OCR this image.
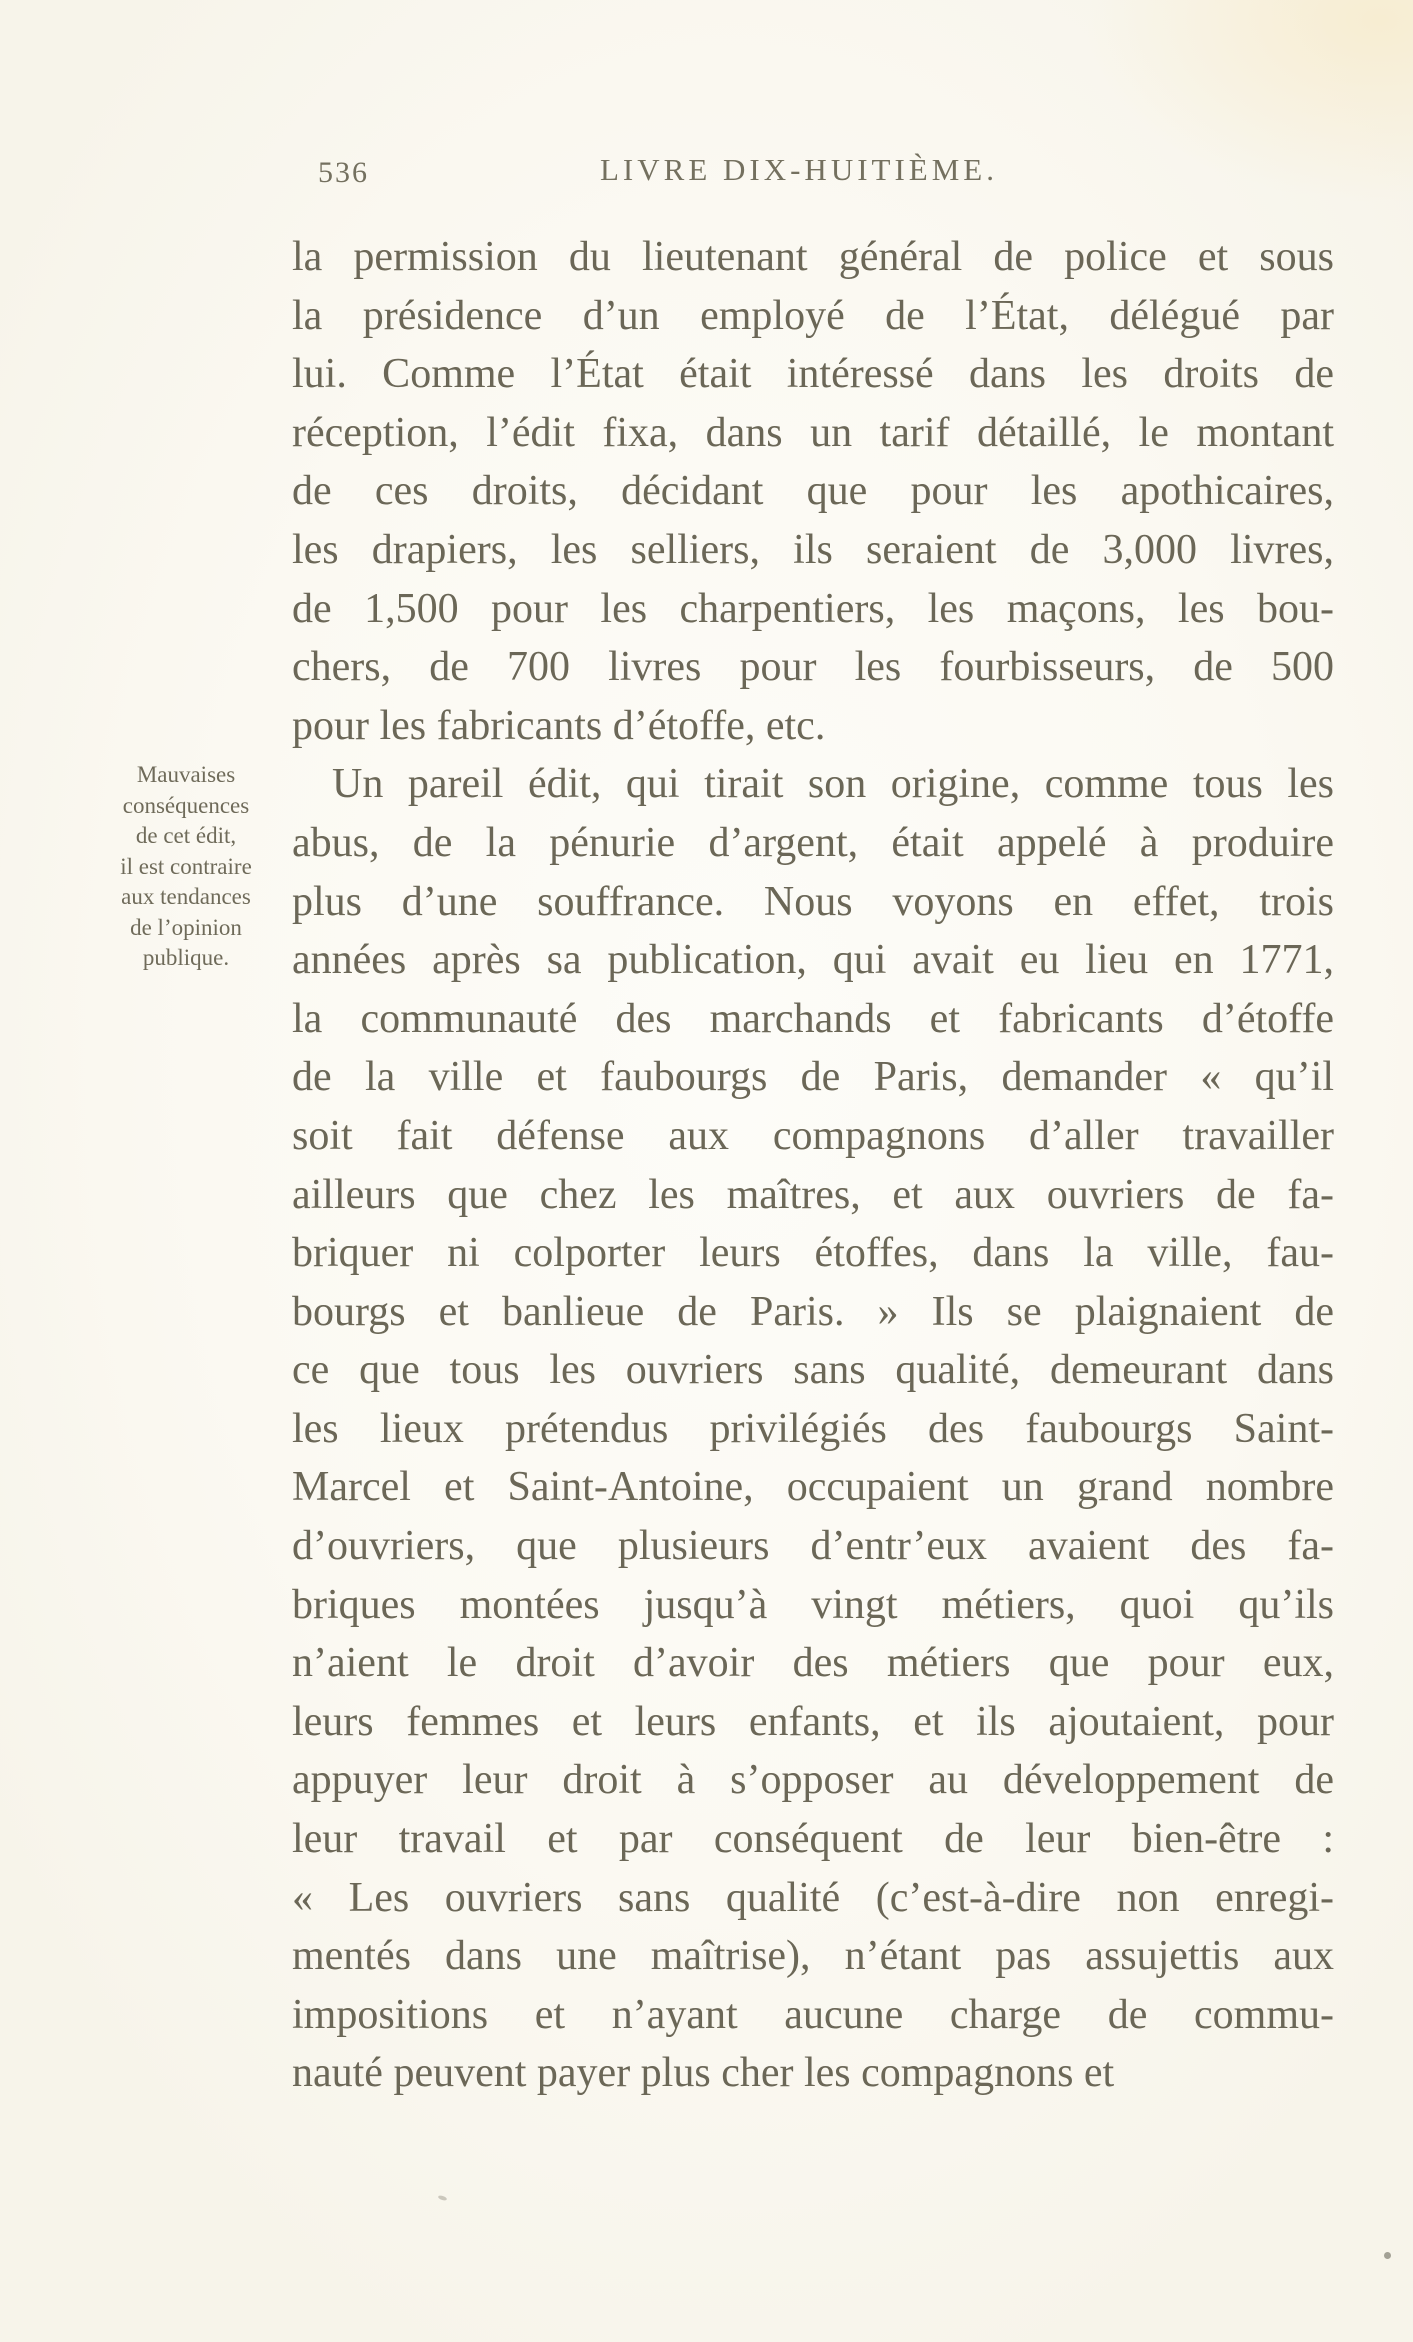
536	LIVRE DIX-HUITIÈME.
Mauvaises
conséquences
de cet édit,
il est contraire
aux tendances
de l’opinion
publique.
la permission du lieutenant général de police et sous
la présidence d’un employé de l’État, délégué par
lui. Comme l’État était intéressé dans les droits de
réception, l’édit fixa, dans un tarif détaillé, le montant
de ces droits, décidant que pour les apothicaires,
les drapiers, les selliers, ils seraient de 3,000 livres,
de 1,500 pour les charpentiers, les maçons, les bou-
chers, de 700 livres pour les fourbisseurs, de 500
pour les fabricants d’étoffe, etc.
Un pareil édit, qui tirait son origine, comme tous les
abus, de la pénurie d’argent, était appelé à produire
plus d’une souffrance. Nous voyons en effet, trois
années après sa publication, qui avait eu lieu en 1771,
la communauté des marchands et fabricants d’étoffe
de la ville et faubourgs de Paris, demander « qu’il
soit fait défense aux compagnons d’aller travailler
ailleurs que chez les maîtres, et aux ouvriers de fa-
briquer ni colporter leurs étoffes, dans la ville, fau-
bourgs et banlieue de Paris. » Ils se plaignaient de
ce que tous les ouvriers sans qualité, demeurant dans
les lieux prétendus privilégiés des faubourgs Saint-
Marcel et Saint-Antoine, occupaient un grand nombre
d’ouvriers, que plusieurs d’entr’eux avaient des fa-
briques montées jusqu’à vingt métiers, quoi qu’ils
n’aient le droit d’avoir des métiers que pour eux,
leurs femmes et leurs enfants, et ils ajoutaient, pour
appuyer leur droit à s’opposer au développement de
leur travail et par conséquent de leur bien-être :
« Les ouvriers sans qualité (c’est-à-dire non enregi-
mentés dans une maîtrise), n’étant pas assujettis aux
impositions et n’ayant aucune charge de commu-
nauté peuvent payer plus cher les compagnons et
